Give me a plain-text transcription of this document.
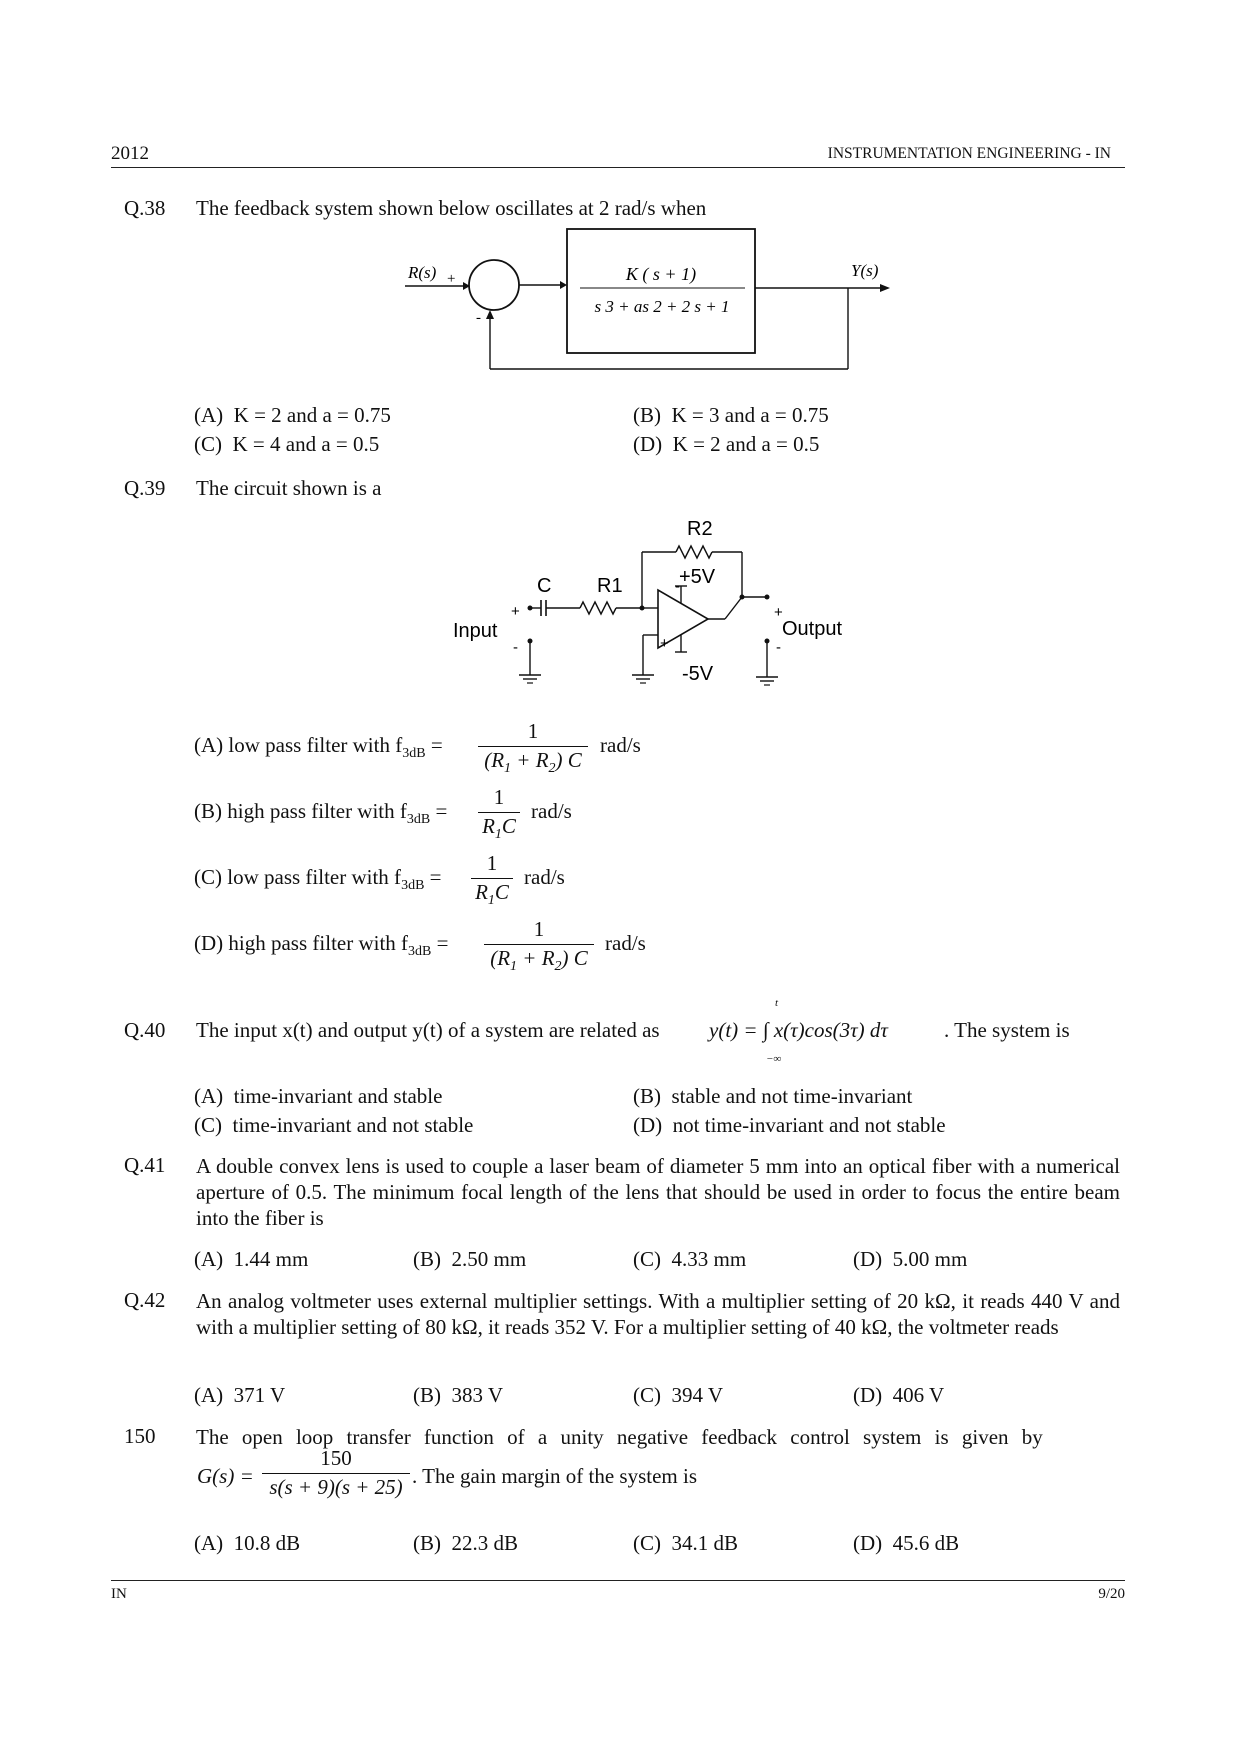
2012	INSTRUMENTATION ENGINEERING - IN
Q.38 The feedback system shown below oscillates at 2 rad/s when
R(s) +
-
Y(s)
K ( s + 1)
s 3 + as 2 + 2 s + 1
(A) K = 2 and a = 0.75	(B) K = 3 and a = 0.75
(C) K = 4 and a = 0.5	(D) K = 2 and a = 0.5
Q.39 The circuit shown is a
Input
+
-
C R1
R2
-
+
+5V
-5V
+
-
Output
(A) low pass filter with $f_{3dB}$ =
1
$(R_1 + R_2)$ C
rad/s
(B) high pass filter with $f_{3dB}$ =
1
$R_1C$
rad/s
(C) low pass filter with $f_{3dB}$ =
1
$R_1C$
rad/s
(D) high pass filter with $f_{3dB}$ =
1
$(R_1 + R_2)$ C
rad/s
Q.40 The input x(t) and output y(t) of a system are related as y(t) = ∫ x(τ)cos(3τ) dτ
t
−∞
. The system is
(A) time-invariant and stable	(B) stable and not time-invariant
(C) time-invariant and not stable	(D) not time-invariant and not stable
Q.41 A double convex lens is used to couple a laser beam of diameter 5 mm into an optical fiber with a numerical aperture of 0.5. The minimum focal length of the lens that should be used in order to focus the entire beam into the fiber is
(A) 1.44 mm	(B) 2.50 mm	(C) 4.33 mm	(D) 5.00 mm
Q.42 An analog voltmeter uses external multiplier settings. With a multiplier setting of 20 kΩ, it reads 440 V and with a multiplier setting of 80 kΩ, it reads 352 V. For a multiplier setting of 40 kΩ, the voltmeter reads
(A) 371 V	(B) 383 V	(C) 394 V	(D) 406 V
150 The open loop transfer function of a unity negative feedback control system is given by
G(s) =
150
s(s + 9)(s + 25) . The gain margin of the system is
(A) 10.8 dB	(B) 22.3 dB	(C) 34.1 dB	(D) 45.6 dB
IN	9/20
